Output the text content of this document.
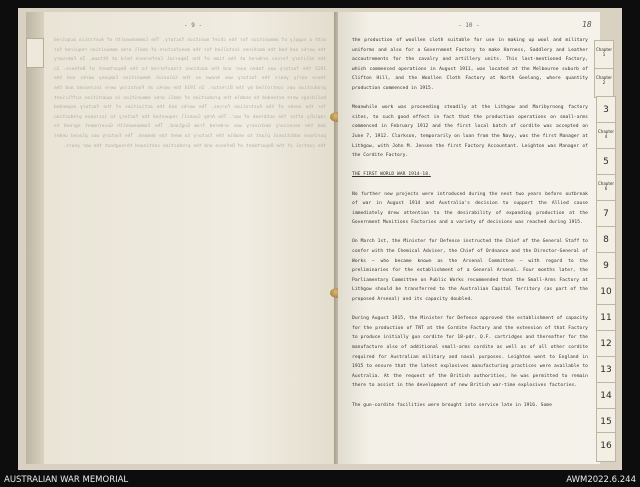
- 9 -
with a supply of ammunition for the chief munition factory. The Commonwealth of Australia acquired the works and had the machines installed for the manufacture of small arms ammunition required for the military forces ordered at the time of the Imperial Conference held at Ottawa. In February 1912 the factory was taken over and the machines transferred to the Department of Defence. In these early years the factory was known as the Colonial Ammunition Company works and the production was controlled by the Director. In 1914 the works at Footscray were increased and the buildings were extended to enable the production of small arms ammunition in quantities sufficient for the needs of the Australian forces. The works and the activities of the factory expanded rapidly after the outbreak of war. The Army Council requested the factory to increase production and the necessary machinery was ordered from England. The Commonwealth Government agreed to purchase additional plant to enable the factory to meet the demand. The Factory was placed under the control of the Department of Defence and the production continued throughout the war years.
- 10 -	18

the production of woollen cloth suitable for use in making up wool and military uniforms and also for a Government Factory to make Harness, Saddlery and Leather accoutrements for the cavalry and artillery units. This last-mentioned Factory, which commenced operations in August 1911, was located at the Melbourne suburb of Clifton Hill, and the Woollen Cloth Factory at North Geelong, where quantity production commenced in 1915.

Meanwhile work was proceeding steadily at the Lithgow and Maribyrnong factory sites, to such good effect in fact that the production operations on small-arms commenced in February 1912 and the first local batch of cordite was accepted on June 7, 1912. Clarkson, temporarily on loan from the Navy, was the first Manager at Lithgow, with John M. Jensen the first Factory Accountant. Leighton was Manager of the Cordite Factory.

THE FIRST WORLD WAR 1914-18.

No further new projects were introduced during the next two years before outbreak of war in August 1914 and Australia's decision to support the Allied cause immediately drew attention to the desirability of expanding production at the Government Munitions Factories and a variety of decisions was reached during 1915.

On March 1st, the Minister for Defence instructed the Chief of the General Staff to confer with the Chemical Adviser, the Chief of Ordnance and the Director-General of Works — who became known as the Arsenal Committee — with regard to the preliminaries for the establishment of a General Arsenal. Four months later, the Parliamentary Committee on Public Works recommended that the Small-Arms Factory at Lithgow should be transferred to the Australian Capital Territory (as part of the proposed Arsenal) and its capacity doubled.

During August 1915, the Minister for Defence approved the establishment of capacity for the production of TNT at the Cordite Factory and the extension of that Factory to produce initially gun cordite for 18-pdr. Q.F. cartridges and thereafter for the manufacture also of additional small-arms cordite as well as of all other cordite required for Australian military and naval purposes. Leighton went to England in 1915 to ensure that the latest explosives manufacturing practices were available to Australia. At the request of the British authorities, he was permitted to remain there to assist in the development of new British war-time explosives factories.

The gun-cordite facilities were brought into service late in 1916. Some

Chapter 1
Chapter 2
3
Chapter 4
5
Chapter 6
7
8
9
10
11
12
13
14
15
16
AUSTRALIAN WAR MEMORIAL	AWM2022.6.244
